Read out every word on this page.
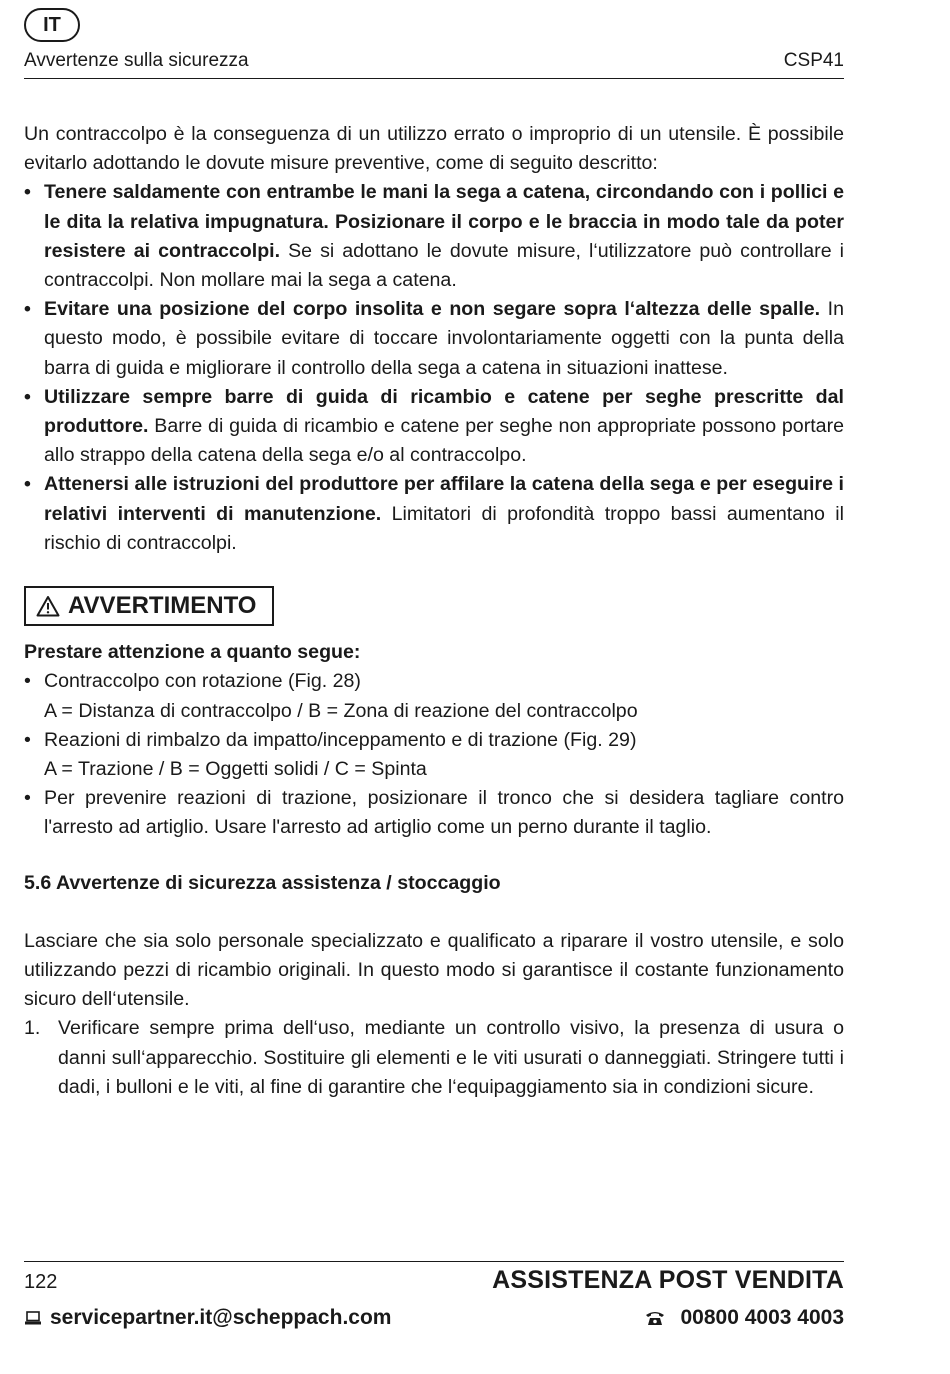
IT
Avvertenze sulla sicurezza	CSP41

Un contraccolpo è la conseguenza di un utilizzo errato o improprio di un utensile. È possibile evitarlo adottando le dovute misure preventive, come di seguito descritto:

• Tenere saldamente con entrambe le mani la sega a catena, circondando con i pollici e le dita la relativa impugnatura. Posizionare il corpo e le braccia in modo tale da poter resistere ai contraccolpi. Se si adottano le dovute misure, l‘utilizzatore può controllare i contraccolpi. Non mollare mai la sega a catena.
• Evitare una posizione del corpo insolita e non segare sopra l‘altezza delle spalle. In questo modo, è possibile evitare di toccare involontariamente oggetti con la punta della barra di guida e migliorare il controllo della sega a catena in situazioni inattese.
• Utilizzare sempre barre di guida di ricambio e catene per seghe prescritte dal produttore. Barre di guida di ricambio e catene per seghe non appropriate possono portare allo strappo della catena della sega e/o al contraccolpo.
• Attenersi alle istruzioni del produttore per affilare la catena della sega e per eseguire i relativi interventi di manutenzione. Limitatori di profondità troppo bassi aumentano il rischio di contraccolpi.
AVVERTIMENTO
Prestare attenzione a quanto segue:
• Contraccolpo con rotazione (Fig. 28)
A = Distanza di contraccolpo / B = Zona di reazione del contraccolpo
• Reazioni di rimbalzo da impatto/inceppamento e di trazione (Fig. 29)
A = Trazione / B = Oggetti solidi / C = Spinta
• Per prevenire reazioni di trazione, posizionare il tronco che si desidera tagliare contro l'arresto ad artiglio. Usare l'arresto ad artiglio come un perno durante il taglio.
5.6 Avvertenze di sicurezza assistenza / stoccaggio

Lasciare che sia solo personale specializzato e qualificato a riparare il vostro utensile, e solo utilizzando pezzi di ricambio originali. In questo modo si garantisce il costante funzionamento sicuro dell‘utensile.

1. Verificare sempre prima dell‘uso, mediante un controllo visivo, la presenza di usura o danni sull‘apparecchio. Sostituire gli elementi e le viti usurati o danneggiati. Stringere tutti i dadi, i bulloni e le viti, al fine di garantire che l‘equipaggiamento sia in condizioni sicure.
122	ASSISTENZA POST VENDITA
servicepartner.it@scheppach.com	00800 4003 4003
